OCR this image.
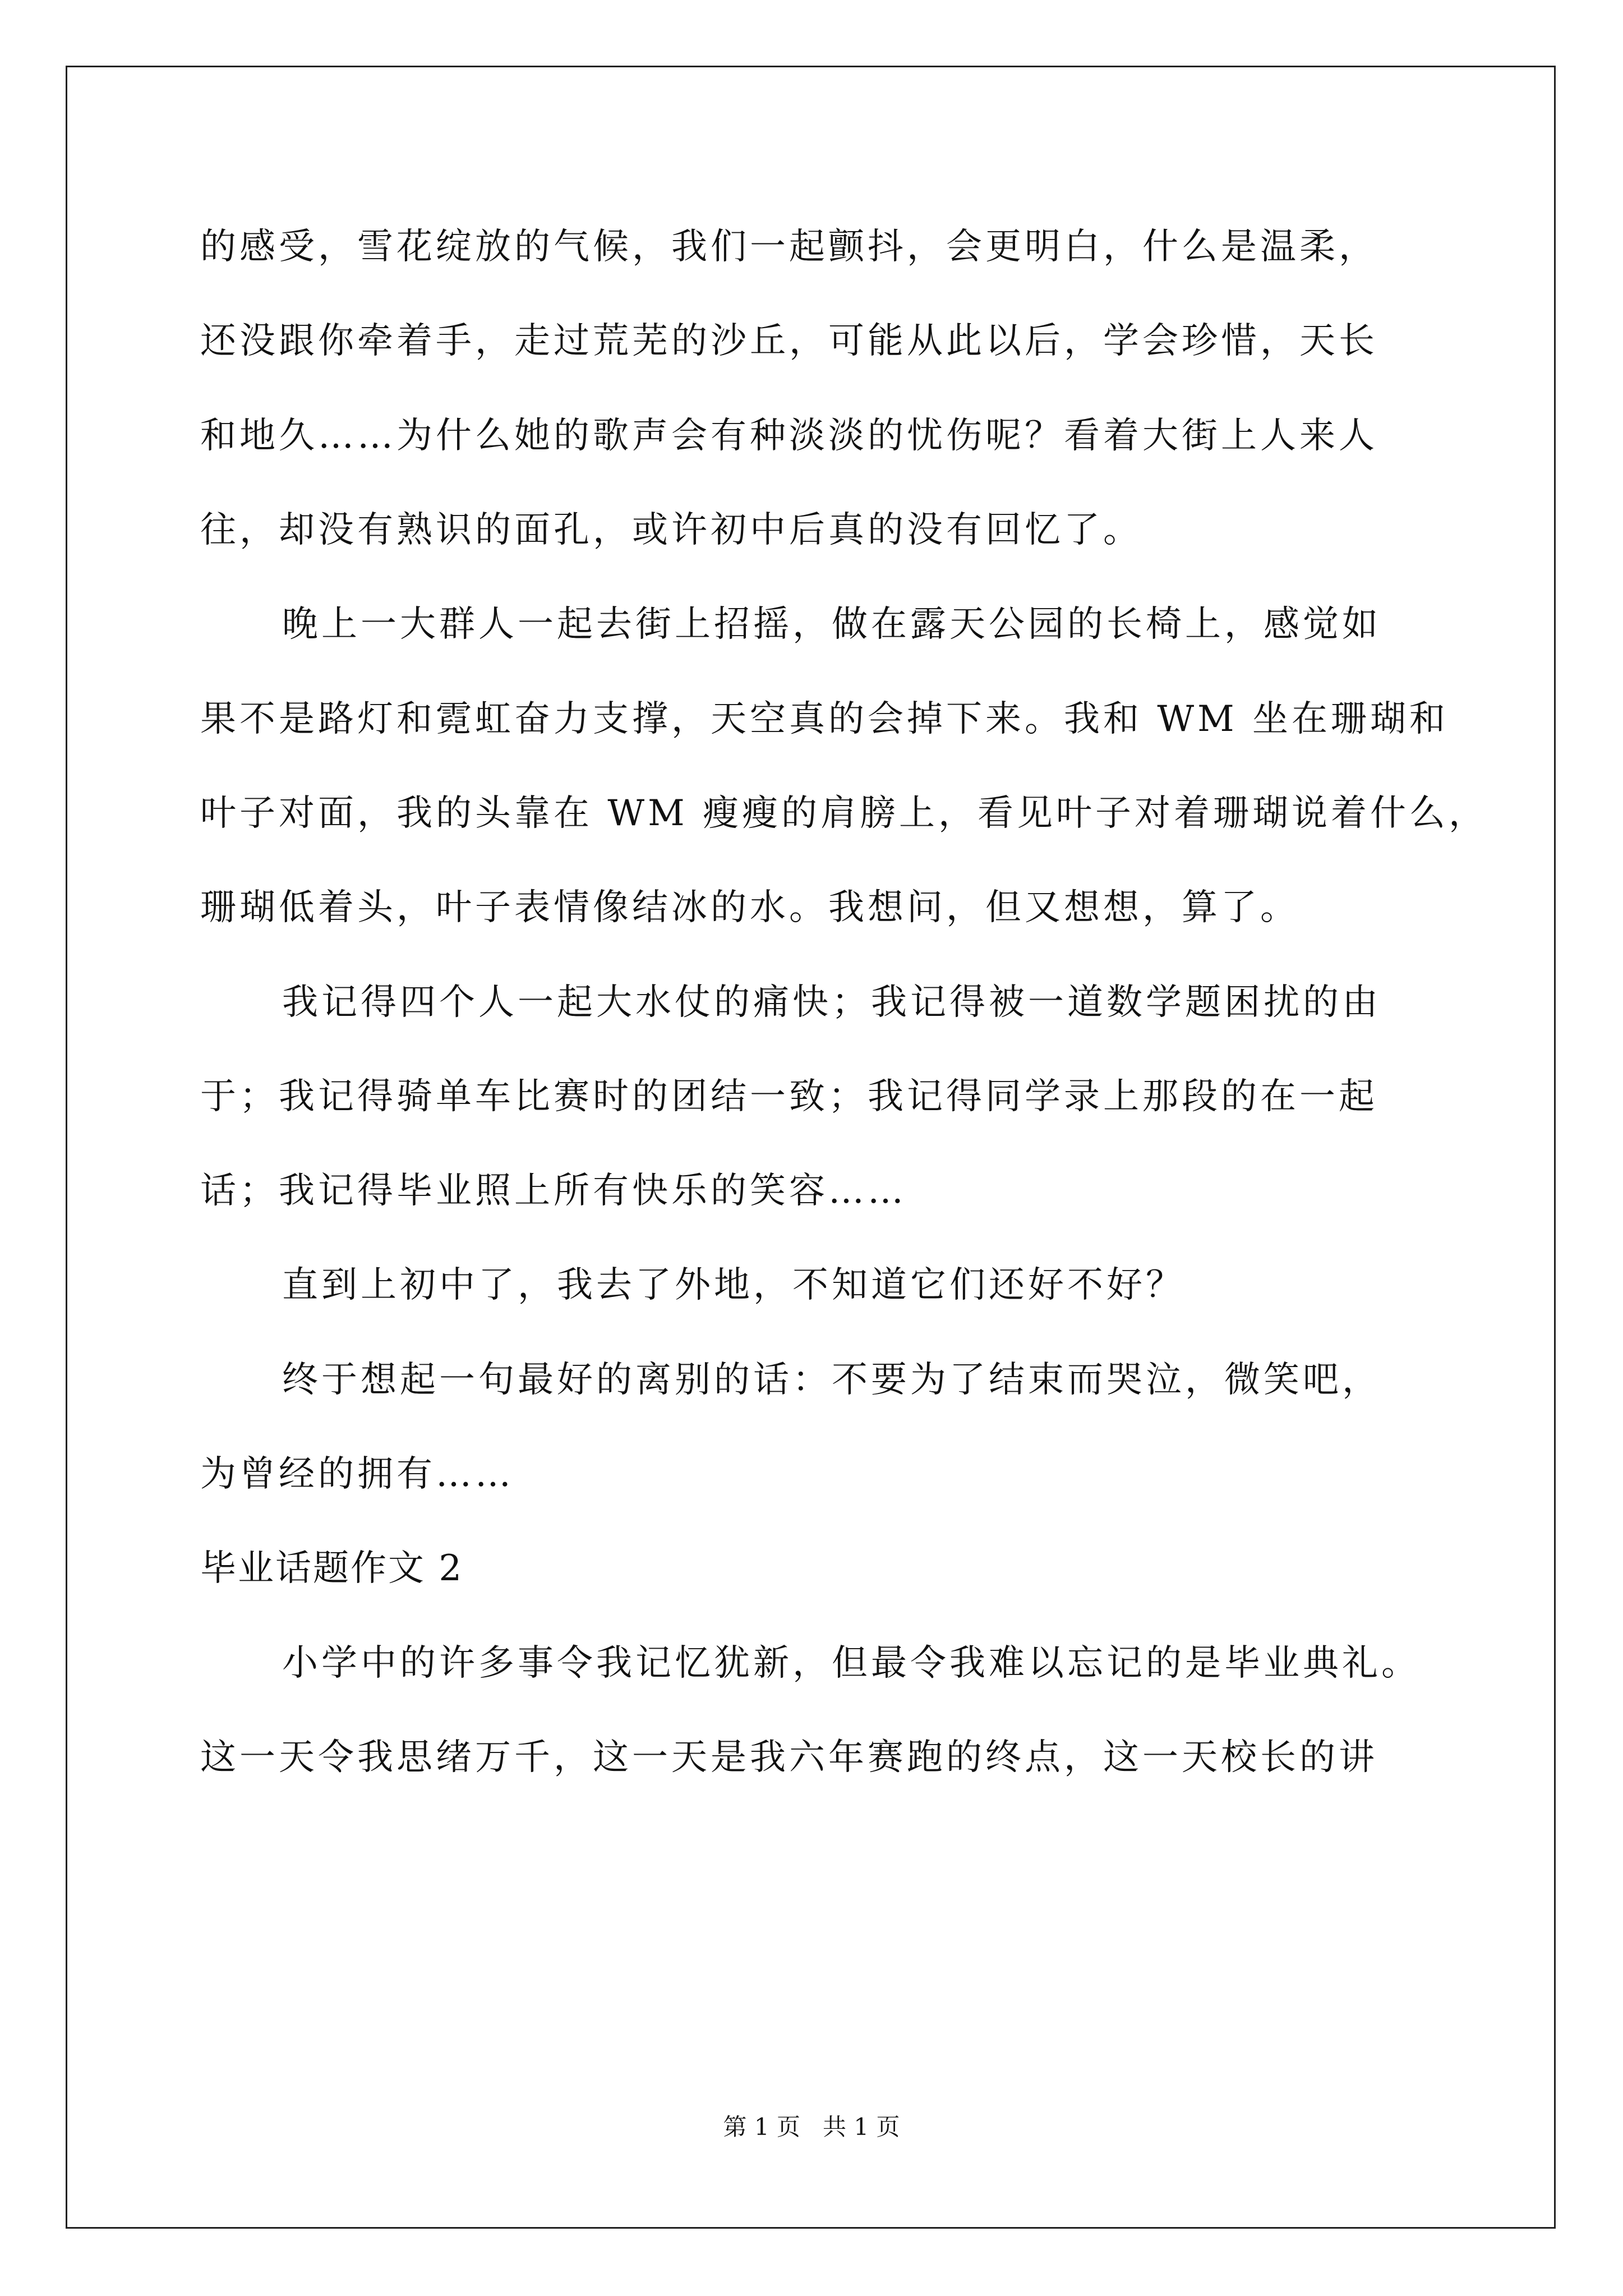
的感受，雪花绽放的气候，我们一起颤抖，会更明白，什么是温柔，
还没跟你牵着手，走过荒芜的沙丘，可能从此以后，学会珍惜，天长
和地久……为什么她的歌声会有种淡淡的忧伤呢？看着大街上人来人
往，却没有熟识的面孔，或许初中后真的没有回忆了。
晚上一大群人一起去街上招摇，做在露天公园的长椅上，感觉如
果不是路灯和霓虹奋力支撑，天空真的会掉下来。我和 WM 坐在珊瑚和
叶子对面，我的头靠在 WM 瘦瘦的肩膀上，看见叶子对着珊瑚说着什么，
珊瑚低着头，叶子表情像结冰的水。我想问，但又想想，算了。
我记得四个人一起大水仗的痛快；我记得被一道数学题困扰的由
于；我记得骑单车比赛时的团结一致；我记得同学录上那段的在一起
话；我记得毕业照上所有快乐的笑容……
直到上初中了，我去了外地，不知道它们还好不好？
终于想起一句最好的离别的话：不要为了结束而哭泣，微笑吧，
为曾经的拥有……
毕业话题作文 2
小学中的许多事令我记忆犹新，但最令我难以忘记的是毕业典礼。
这一天令我思绪万千，这一天是我六年赛跑的终点，这一天校长的讲
第 1 页   共 1 页
